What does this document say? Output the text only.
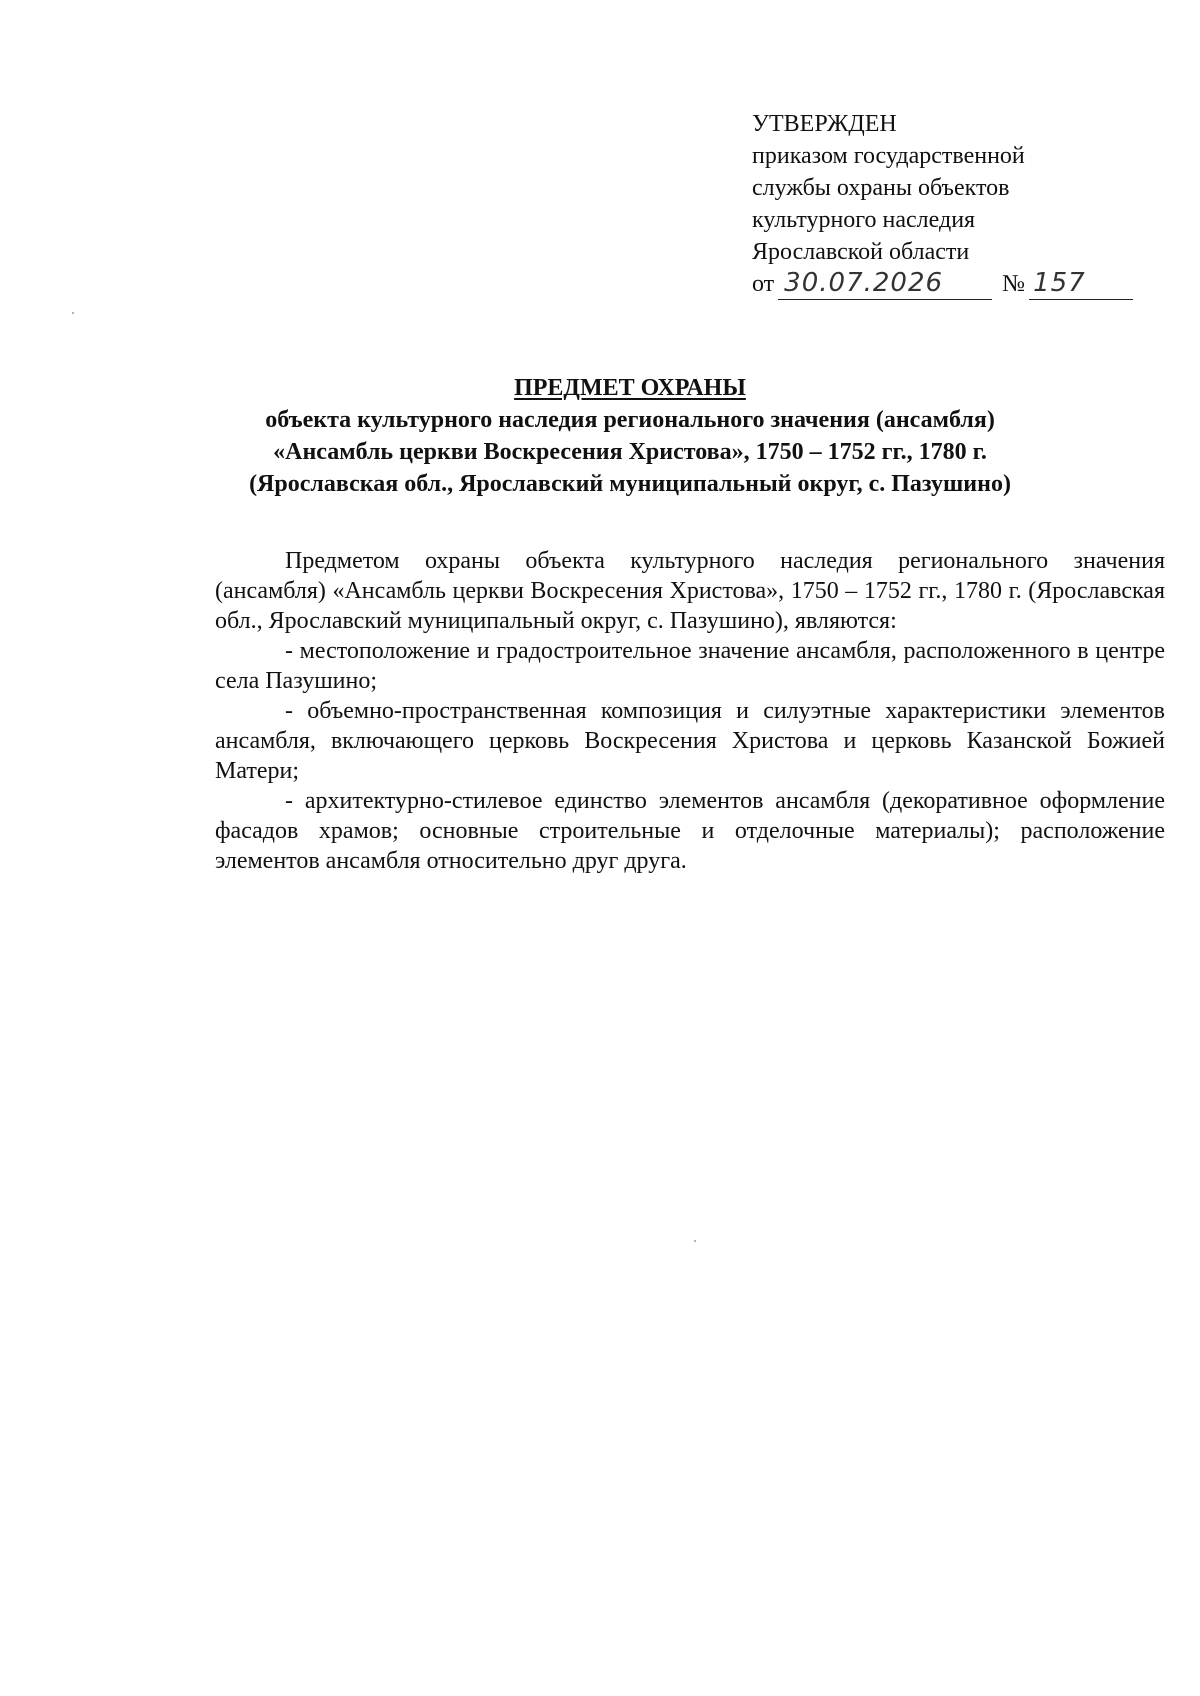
УТВЕРЖДЕН
приказом государственной
службы охраны объектов
культурного наследия
Ярославской области
от 30.07.2026	№ 157
ПРЕДМЕТ ОХРАНЫ
объекта культурного наследия регионального значения (ансамбля)
«Ансамбль церкви Воскресения Христова», 1750 – 1752 гг., 1780 г.
(Ярославская обл., Ярославский муниципальный округ, с. Пазушино)

Предметом охраны объекта культурного наследия регионального значения (ансамбля) «Ансамбль церкви Воскресения Христова», 1750 – 1752 гг., 1780 г. (Ярославская обл., Ярославский муниципальный округ, с. Пазушино), являются:

- местоположение и градостроительное значение ансамбля, расположенного в центре села Пазушино;

- объемно-пространственная композиция и силуэтные характеристики элементов ансамбля, включающего церковь Воскресения Христова и церковь Казанской Божией Матери;

- архитектурно-стилевое единство элементов ансамбля (декоративное оформление фасадов храмов; основные строительные и отделочные материалы); расположение элементов ансамбля относительно друг друга.
